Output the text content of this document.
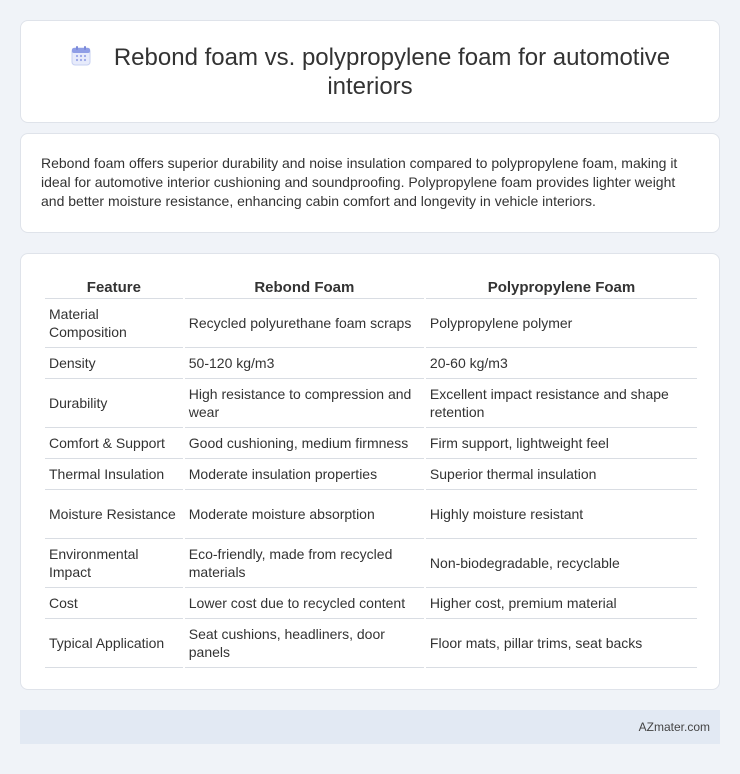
Rebond foam vs. polypropylene foam for automotive interiors

Rebond foam offers superior durability and noise insulation compared to polypropylene foam, making it ideal for automotive interior cushioning and soundproofing. Polypropylene foam provides lighter weight and better moisture resistance, enhancing cabin comfort and longevity in vehicle interiors.

Feature	Rebond Foam	Polypropylene Foam
Material Composition	Recycled polyurethane foam scraps	Polypropylene polymer
Density	50-120 kg/m3	20-60 kg/m3
Durability	High resistance to compression and wear	Excellent impact resistance and shape retention
Comfort & Support	Good cushioning, medium firmness	Firm support, lightweight feel
Thermal Insulation	Moderate insulation properties	Superior thermal insulation
Moisture Resistance	Moderate moisture absorption	Highly moisture resistant
Environmental Impact	Eco-friendly, made from recycled materials	Non-biodegradable, recyclable
Cost	Lower cost due to recycled content	Higher cost, premium material
Typical Application	Seat cushions, headliners, door panels	Floor mats, pillar trims, seat backs
AZmater.com
